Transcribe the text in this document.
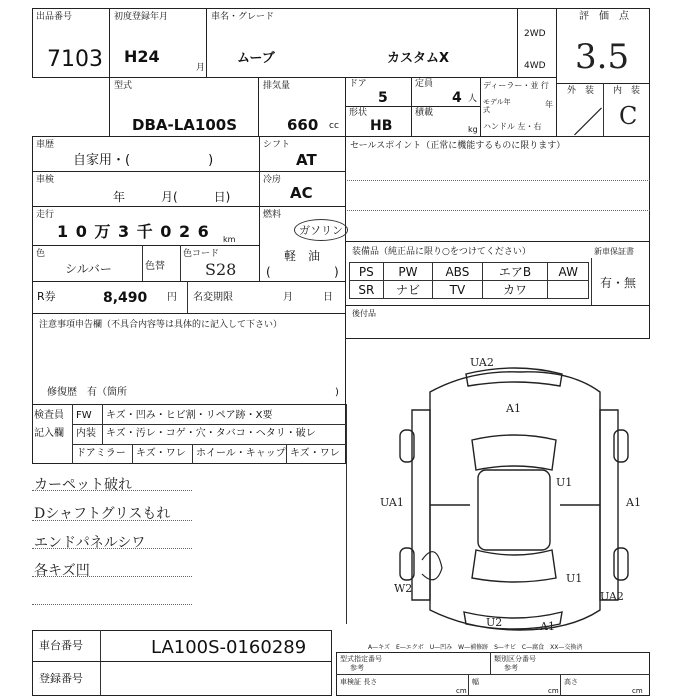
出品番号
7103
初度登録年月
H24
月
車名・グレード
ムーブ	カスタムX
2WD
4WD
評　価　点
3.5
型式
DBA-LA100S
排気量
660 cc
ドア
5
定員
4 人
形状
HB
積載
kg
ディーラー・並 行
モデル年式
年
ハンドル 左・右
外　装 内　装
／ C
車歴
自家用・(　　　　　　)
シフト
AT
セールスポイント（正常に機能するものに限ります）
車検
年　　　月(　　　日)
冷房
AC
走行
1 0 万 3 千 0 2 6 km
燃料
ガソリン
軽　油
(	)
色
シルバー	色替
色コード
S28
R券	8,490 円 名変期限	月　　　日
装備品（純正品に限り○をつけてください）	新車保証書
PS	PW	ABS	エアB	AW
SR	ナビ	TV	カワ		有・無
後付品
注意事項申告欄（不具合内容等は具体的に記入して下さい）
修復歴　有（箇所	)
検査員
記入欄
FW キズ・凹み・ヒビ割・リペア跡・X要
内装 キズ・汚レ・コゲ・穴・タバコ・ヘタリ・破レ
ドアミラー キズ・ワレ ホイール・キャップ キズ・ワレ
カーペット破れ
Dシャフトグリスもれ
エンドパネルシワ
各キズ凹
UA2
A1
U1
A1
UA1
W2
U1
UA2
U2	A1
車台番号	LA100S-0160289
登録番号
A—キズ　E—エクボ　U—凹み　W—補修跡　S—サビ　C—腐食　XX—交換済
型式指定番号
参考
類別区分番号
参考
車検証 長さ
cm
幅
cm
高さ
cm
